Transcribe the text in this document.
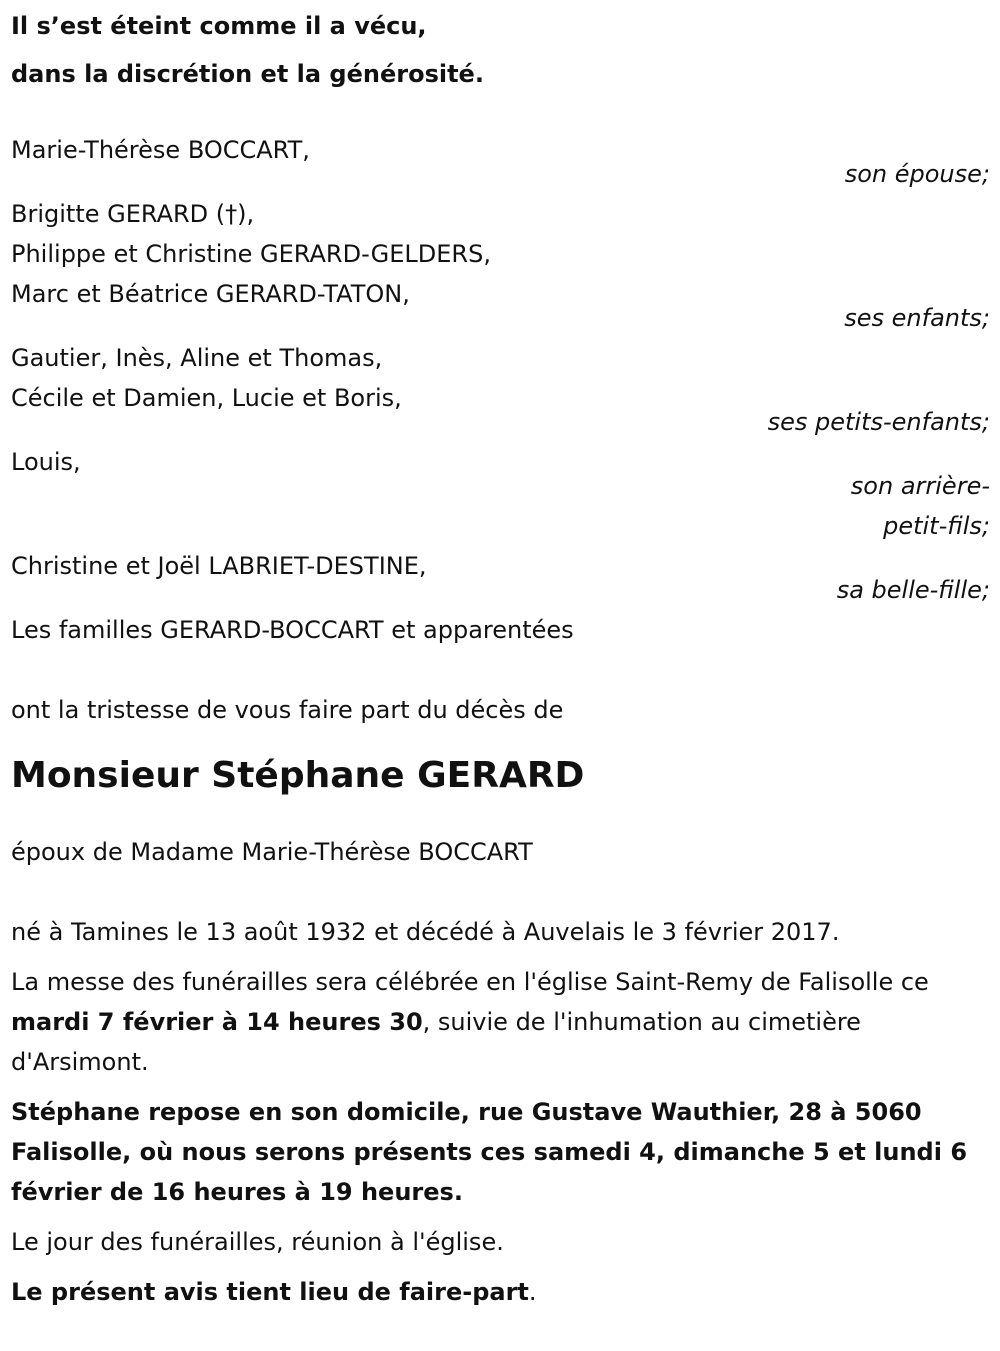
Il s’est éteint comme il a vécu,
dans la discrétion et la générosité.
Marie-Thérèse BOCCART,
son épouse;
Brigitte GERARD (†),
Philippe et Christine GERARD-GELDERS,
Marc et Béatrice GERARD-TATON,
ses enfants;
Gautier, Inès, Aline et Thomas,
Cécile et Damien, Lucie et Boris,
ses petits-enfants;
Louis,
son arrière-
petit-fils;
Christine et Joël LABRIET-DESTINE,
sa belle-fille;
Les familles GERARD-BOCCART et apparentées
ont la tristesse de vous faire part du décès de
Monsieur Stéphane GERARD
époux de Madame Marie-Thérèse BOCCART
né à Tamines le 13 août 1932 et décédé à Auvelais le 3 février 2017.
La messe des funérailles sera célébrée en l'église Saint-Remy de Falisolle ce mardi 7 février à 14 heures 30, suivie de l'inhumation au cimetière d'Arsimont.
Stéphane repose en son domicile, rue Gustave Wauthier, 28 à 5060 Falisolle, où nous serons présents ces samedi 4, dimanche 5 et lundi 6 février de 16 heures à 19 heures.
Le jour des funérailles, réunion à l'église.
Le présent avis tient lieu de faire-part.
